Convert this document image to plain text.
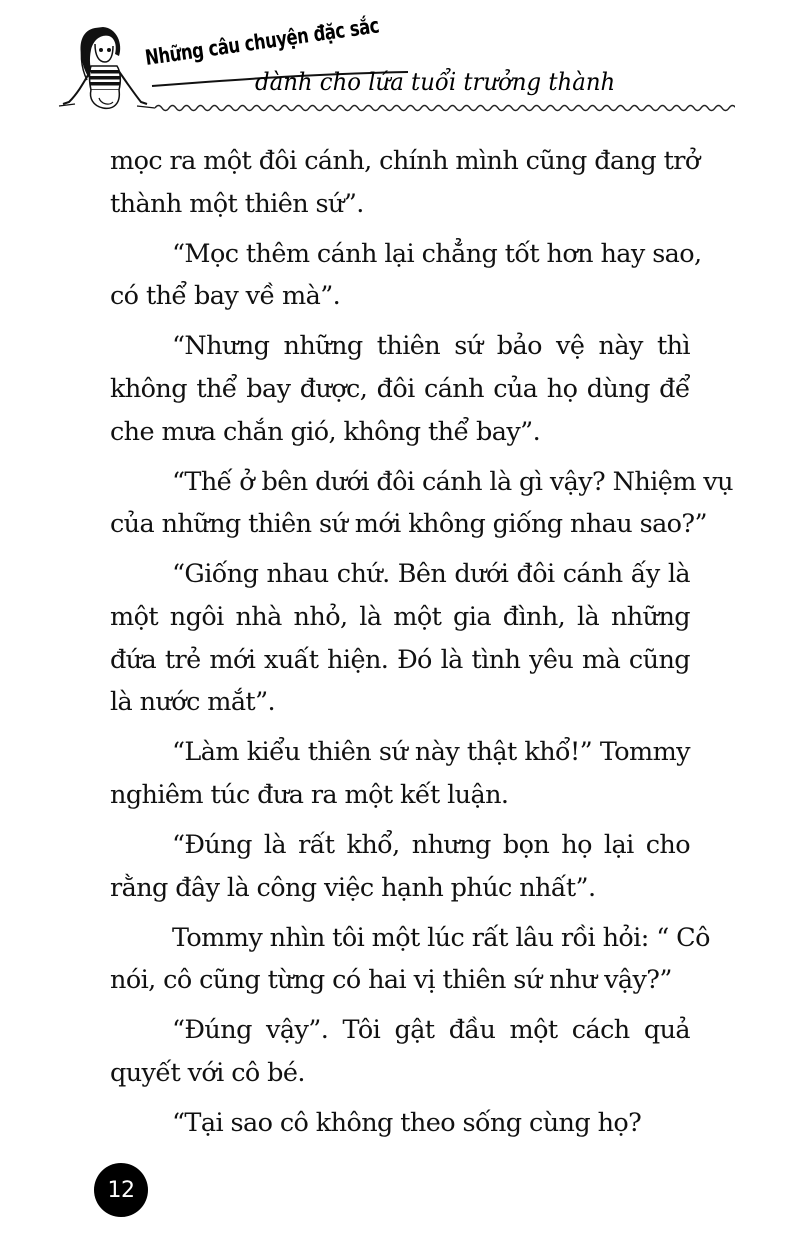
Những câu chuyện đặc sắc
dành cho lứa tuổi trưởng thành
mọc ra một đôi cánh, chính mình cũng đang trở
thành một thiên sứ”.
“Mọc thêm cánh lại chẳng tốt hơn hay sao,
có thể bay về mà”.
“Nhưng những thiên sứ bảo vệ này thì
không thể bay được, đôi cánh của họ dùng để
che mưa chắn gió, không thể bay”.
“Thế ở bên dưới đôi cánh là gì vậy? Nhiệm vụ
của những thiên sứ mới không giống nhau sao?”
“Giống nhau chứ. Bên dưới đôi cánh ấy là
một ngôi nhà nhỏ, là một gia đình, là những
đứa trẻ mới xuất hiện. Đó là tình yêu mà cũng
là nước mắt”.
“Làm kiểu thiên sứ này thật khổ!” Tommy
nghiêm túc đưa ra một kết luận.
“Đúng là rất khổ, nhưng bọn họ lại cho
rằng đây là công việc hạnh phúc nhất”.
Tommy nhìn tôi một lúc rất lâu rồi hỏi: “ Cô
nói, cô cũng từng có hai vị thiên sứ như vậy?”
“Đúng vậy”. Tôi gật đầu một cách quả
quyết với cô bé.
“Tại sao cô không theo sống cùng họ?
12
